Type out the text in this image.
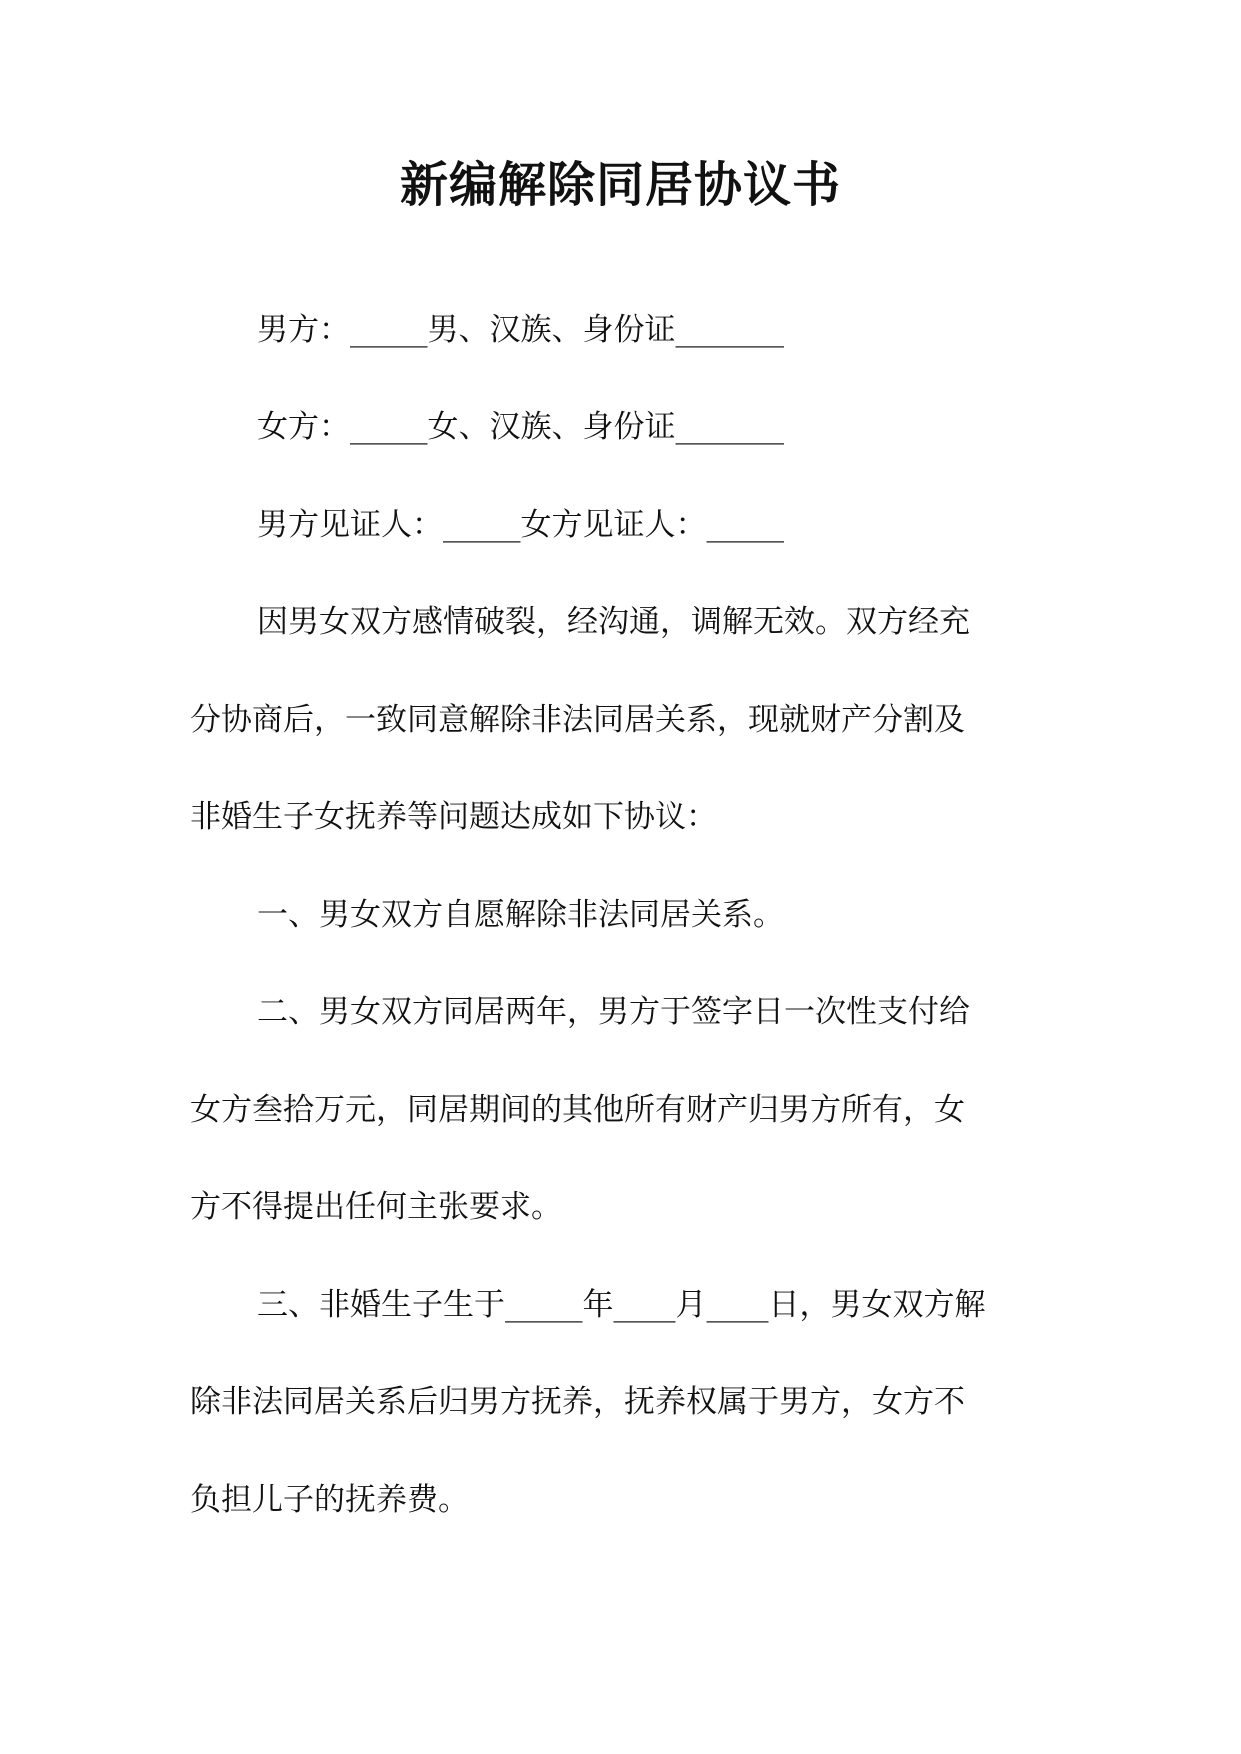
新编解除同居协议书
男方：_____男、汉族、身份证_______
女方：_____女、汉族、身份证_______
男方见证人：_____女方见证人：_____
因男女双方感情破裂，经沟通，调解无效。双方经充
分协商后，一致同意解除非法同居关系，现就财产分割及
非婚生子女抚养等问题达成如下协议：
一、男女双方自愿解除非法同居关系。
二、男女双方同居两年，男方于签字日一次性支付给
女方叁拾万元，同居期间的其他所有财产归男方所有，女
方不得提出任何主张要求。
三、非婚生子生于_____年____月____日，男女双方解
除非法同居关系后归男方抚养，抚养权属于男方，女方不
负担儿子的抚养费。
